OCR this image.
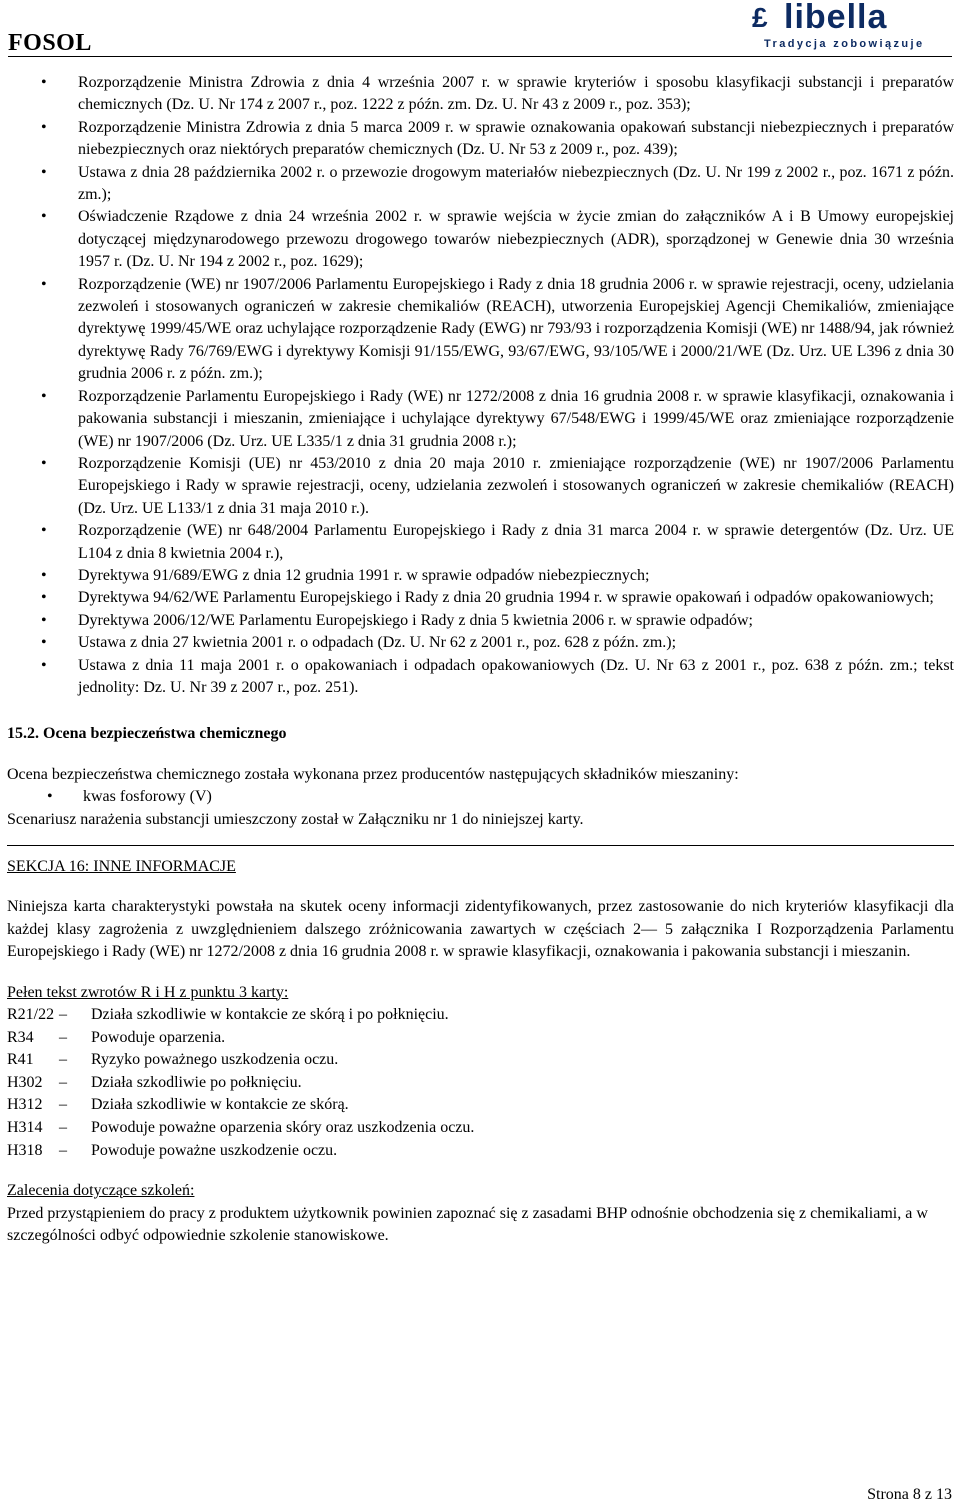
FOSOL
£ libella
Tradycja zobowiązuje
• Rozporządzenie Ministra Zdrowia z dnia 4 września 2007 r. w sprawie kryteriów i sposobu klasyfikacji substancji i preparatów chemicznych (Dz. U. Nr 174 z 2007 r., poz. 1222 z późn. zm. Dz. U. Nr 43 z 2009 r., poz. 353);
• Rozporządzenie Ministra Zdrowia z dnia 5 marca 2009 r. w sprawie oznakowania opakowań substancji niebezpiecznych i preparatów niebezpiecznych oraz niektórych preparatów chemicznych (Dz. U. Nr 53 z 2009 r., poz. 439);
• Ustawa z dnia 28 października 2002 r. o przewozie drogowym materiałów niebezpiecznych (Dz. U. Nr 199 z 2002 r., poz. 1671 z późn. zm.);
• Oświadczenie Rządowe z dnia 24 września 2002 r. w sprawie wejścia w życie zmian do załączników A i B Umowy europejskiej dotyczącej międzynarodowego przewozu drogowego towarów niebezpiecznych (ADR), sporządzonej w Genewie dnia 30 września 1957 r. (Dz. U. Nr 194 z 2002 r., poz. 1629);
• Rozporządzenie (WE) nr 1907/2006 Parlamentu Europejskiego i Rady z dnia 18 grudnia 2006 r. w sprawie rejestracji, oceny, udzielania zezwoleń i stosowanych ograniczeń w zakresie chemikaliów (REACH), utworzenia Europejskiej Agencji Chemikaliów, zmieniające dyrektywę 1999/45/WE oraz uchylające rozporządzenie Rady (EWG) nr 793/93 i rozporządzenia Komisji (WE) nr 1488/94, jak również dyrektywę Rady 76/769/EWG i dyrektywy Komisji 91/155/EWG, 93/67/EWG, 93/105/WE i 2000/21/WE (Dz. Urz. UE L396 z dnia 30 grudnia 2006 r. z późn. zm.);
• Rozporządzenie Parlamentu Europejskiego i Rady (WE) nr 1272/2008 z dnia 16 grudnia 2008 r. w sprawie klasyfikacji, oznakowania i pakowania substancji i mieszanin, zmieniające i uchylające dyrektywy 67/548/EWG i 1999/45/WE oraz zmieniające rozporządzenie (WE) nr 1907/2006 (Dz. Urz. UE L335/1 z dnia 31 grudnia 2008 r.);
• Rozporządzenie Komisji (UE) nr 453/2010 z dnia 20 maja 2010 r. zmieniające rozporządzenie (WE) nr 1907/2006 Parlamentu Europejskiego i Rady w sprawie rejestracji, oceny, udzielania zezwoleń i stosowanych ograniczeń w zakresie chemikaliów (REACH) (Dz. Urz. UE L133/1 z dnia 31 maja 2010 r.).
• Rozporządzenie (WE) nr 648/2004 Parlamentu Europejskiego i Rady z dnia 31 marca 2004 r. w sprawie detergentów (Dz. Urz. UE L104 z dnia 8 kwietnia 2004 r.),
• Dyrektywa 91/689/EWG z dnia 12 grudnia 1991 r. w sprawie odpadów niebezpiecznych;
• Dyrektywa 94/62/WE Parlamentu Europejskiego i Rady z dnia 20 grudnia 1994 r. w sprawie opakowań i odpadów opakowaniowych;
• Dyrektywa 2006/12/WE Parlamentu Europejskiego i Rady z dnia 5 kwietnia 2006 r. w sprawie odpadów;
• Ustawa z dnia 27 kwietnia 2001 r. o odpadach (Dz. U. Nr 62 z 2001 r., poz. 628 z późn. zm.);
• Ustawa z dnia 11 maja 2001 r. o opakowaniach i odpadach opakowaniowych (Dz. U. Nr 63 z 2001 r., poz. 638 z późn. zm.; tekst jednolity: Dz. U. Nr 39 z 2007 r., poz. 251).
15.2. Ocena bezpieczeństwa chemicznego
Ocena bezpieczeństwa chemicznego została wykonana przez producentów następujących składników mieszaniny:
• kwas fosforowy (V)
Scenariusz narażenia substancji umieszczony został w Załączniku nr 1 do niniejszej karty.
SEKCJA 16: INNE INFORMACJE
Niniejsza karta charakterystyki powstała na skutek oceny informacji zidentyfikowanych, przez zastosowanie do nich kryteriów klasyfikacji dla każdej klasy zagrożenia z uwzględnieniem dalszego zróżnicowania zawartych w częściach 2— 5 załącznika I Rozporządzenia Parlamentu Europejskiego i Rady (WE) nr 1272/2008 z dnia 16 grudnia 2008 r. w sprawie klasyfikacji, oznakowania i pakowania substancji i mieszanin.
Pełen tekst zwrotów R i H z punktu 3 karty:
R21/22	–	Działa szkodliwie w kontakcie ze skórą i po połknięciu.
R34	–	Powoduje oparzenia.
R41	–	Ryzyko poważnego uszkodzenia oczu.
H302	–	Działa szkodliwie po połknięciu.
H312	–	Działa szkodliwie w kontakcie ze skórą.
H314	–	Powoduje poważne oparzenia skóry oraz uszkodzenia oczu.
H318	–	Powoduje poważne uszkodzenie oczu.
Zalecenia dotyczące szkoleń:
Przed przystąpieniem do pracy z produktem użytkownik powinien zapoznać się z zasadami BHP odnośnie obchodzenia się z chemikaliami, a w szczególności odbyć odpowiednie szkolenie stanowiskowe.
Strona 8 z 13
